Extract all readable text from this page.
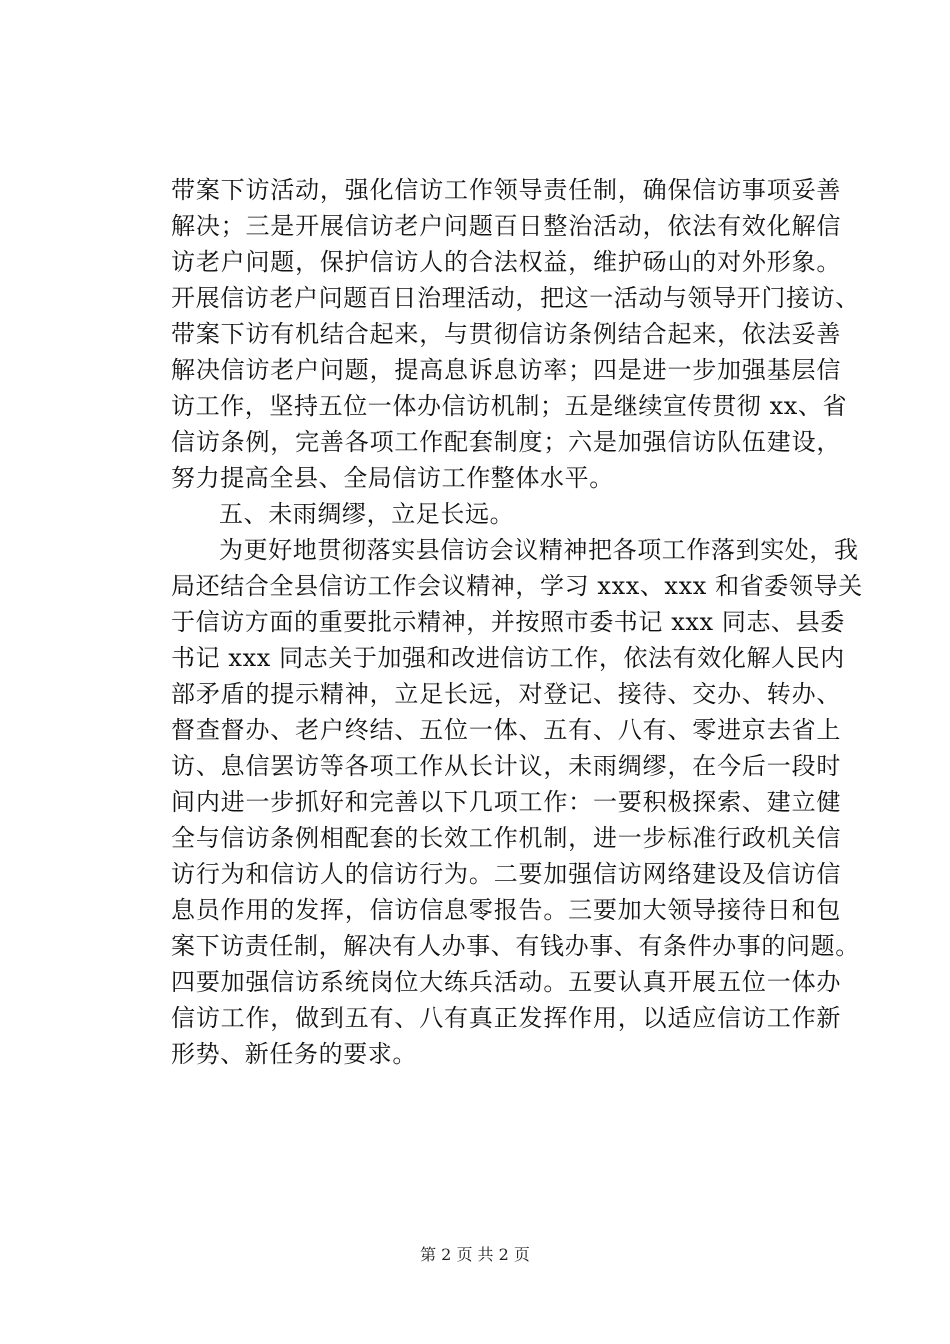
带案下访活动，强化信访工作领导责任制，确保信访事项妥善
解决；三是开展信访老户问题百日整治活动，依法有效化解信
访老户问题，保护信访人的合法权益，维护砀山的对外形象。
开展信访老户问题百日治理活动，把这一活动与领导开门接访、
带案下访有机结合起来，与贯彻信访条例结合起来，依法妥善
解决信访老户问题，提高息诉息访率；四是进一步加强基层信
访工作，坚持五位一体办信访机制；五是继续宣传贯彻 xx、省
信访条例，完善各项工作配套制度；六是加强信访队伍建设，
努力提高全县、全局信访工作整体水平。
五、未雨绸缪，立足长远。
为更好地贯彻落实县信访会议精神把各项工作落到实处，我
局还结合全县信访工作会议精神，学习 xxx、xxx 和省委领导关
于信访方面的重要批示精神，并按照市委书记 xxx 同志、县委
书记 xxx 同志关于加强和改进信访工作，依法有效化解人民内
部矛盾的提示精神，立足长远，对登记、接待、交办、转办、
督查督办、老户终结、五位一体、五有、八有、零进京去省上
访、息信罢访等各项工作从长计议，未雨绸缪，在今后一段时
间内进一步抓好和完善以下几项工作：一要积极探索、建立健
全与信访条例相配套的长效工作机制，进一步标准行政机关信
访行为和信访人的信访行为。二要加强信访网络建设及信访信
息员作用的发挥，信访信息零报告。三要加大领导接待日和包
案下访责任制，解决有人办事、有钱办事、有条件办事的问题。
四要加强信访系统岗位大练兵活动。五要认真开展五位一体办
信访工作，做到五有、八有真正发挥作用，以适应信访工作新
形势、新任务的要求。
第 2 页 共 2 页
